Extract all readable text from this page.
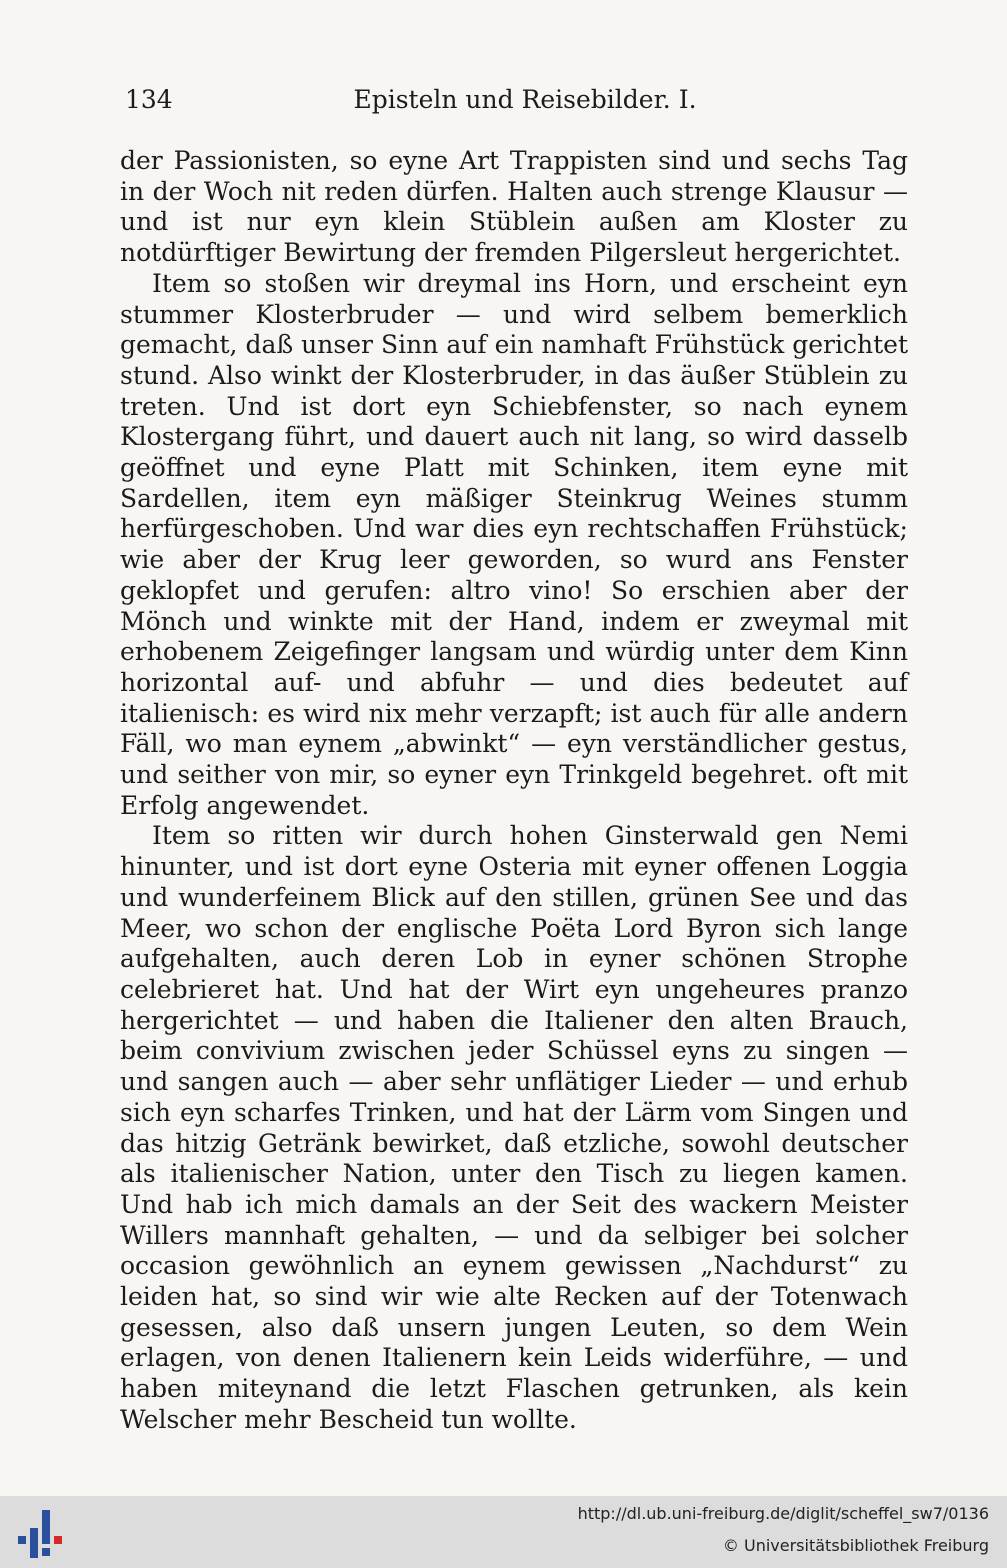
134	Episteln und Reisebilder. I.

der Passionisten, so eyne Art Trappisten sind und sechs Tag in der Woch nit reden dürfen. Halten auch strenge Klausur — und ist nur eyn klein Stüblein außen am Kloster zu notdürftiger Bewirtung der fremden Pilgersleut hergerichtet.

Item so stoßen wir dreymal ins Horn, und erscheint eyn stummer Klosterbruder — und wird selbem bemerklich gemacht, daß unser Sinn auf ein namhaft Frühstück gerichtet stund. Also winkt der Klosterbruder, in das äußer Stüblein zu treten. Und ist dort eyn Schiebfenster, so nach eynem Klostergang führt, und dauert auch nit lang, so wird dasselb geöffnet und eyne Platt mit Schinken, item eyne mit Sardellen, item eyn mäßiger Steinkrug Weines stumm herfürgeschoben. Und war dies eyn rechtschaffen Frühstück; wie aber der Krug leer geworden, so wurd ans Fenster geklopfet und gerufen: altro vino! So erschien aber der Mönch und winkte mit der Hand, indem er zweymal mit erhobenem Zeigefinger langsam und würdig unter dem Kinn horizontal auf- und abfuhr — und dies bedeutet auf italienisch: es wird nix mehr verzapft; ist auch für alle andern Fäll, wo man eynem „abwinkt“ — eyn verständlicher gestus, und seither von mir, so eyner eyn Trinkgeld begehret. oft mit Erfolg angewendet.

Item so ritten wir durch hohen Ginsterwald gen Nemi hinunter, und ist dort eyne Osteria mit eyner offenen Loggia und wunderfeinem Blick auf den stillen, grünen See und das Meer, wo schon der englische Poëta Lord Byron sich lange aufgehalten, auch deren Lob in eyner schönen Strophe celebrieret hat. Und hat der Wirt eyn ungeheures pranzo hergerichtet — und haben die Italiener den alten Brauch, beim convivium zwischen jeder Schüssel eyns zu singen — und sangen auch — aber sehr unflätiger Lieder — und erhub sich eyn scharfes Trinken, und hat der Lärm vom Singen und das hitzig Getränk bewirket, daß etzliche, sowohl deutscher als italienischer Nation, unter den Tisch zu liegen kamen. Und hab ich mich damals an der Seit des wackern Meister Willers mannhaft gehalten, — und da selbiger bei solcher occasion gewöhnlich an eynem gewissen „Nachdurst“ zu leiden hat, so sind wir wie alte Recken auf der Totenwach gesessen, also daß unsern jungen Leuten, so dem Wein erlagen, von denen Italienern kein Leids widerführe, — und haben miteynand die letzt Flaschen getrunken, als kein Welscher mehr Bescheid tun wollte.

http://dl.ub.uni-freiburg.de/diglit/scheffel_sw7/0136
© Universitätsbibliothek Freiburg
